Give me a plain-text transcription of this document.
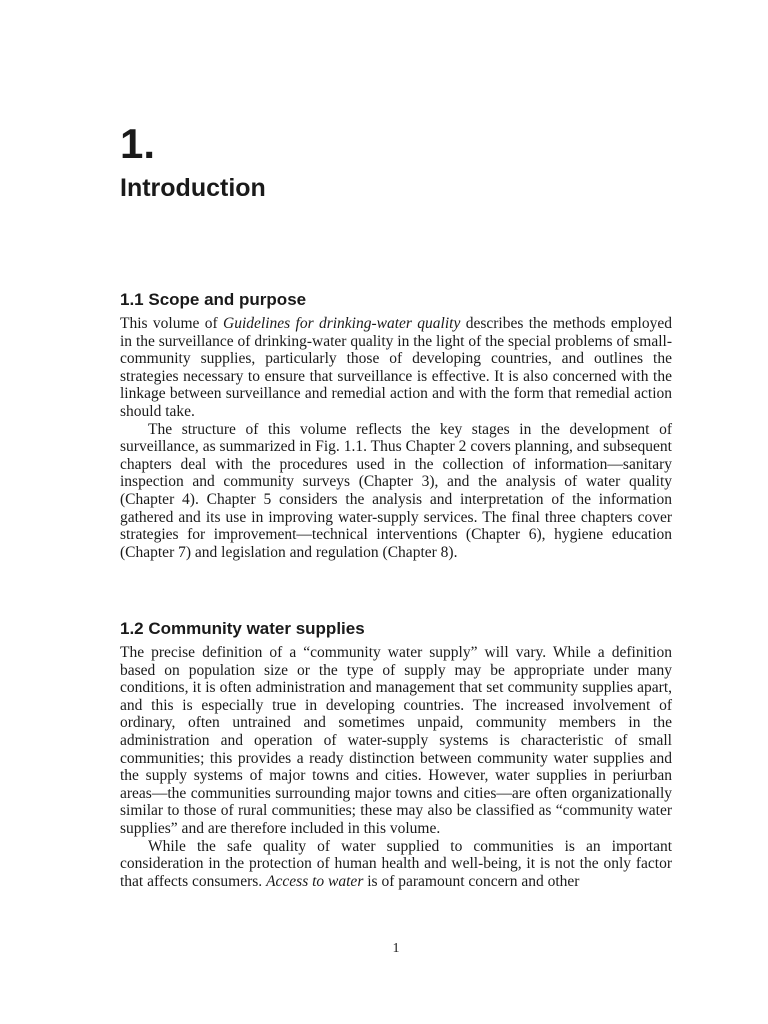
1.
Introduction
1.1 Scope and purpose

This volume of Guidelines for drinking-water quality describes the methods employed in the surveillance of drinking-water quality in the light of the special problems of small-community supplies, particularly those of developing countries, and outlines the strategies necessary to ensure that surveillance is effective. It is also concerned with the linkage between surveillance and remedial action and with the form that remedial action should take.

The structure of this volume reflects the key stages in the development of surveillance, as summarized in Fig. 1.1. Thus Chapter 2 covers planning, and subsequent chapters deal with the procedures used in the collection of information—sanitary inspection and community surveys (Chapter 3), and the analysis of water quality (Chapter 4). Chapter 5 considers the analysis and interpretation of the information gathered and its use in improving water-supply services. The final three chapters cover strategies for improvement—technical interventions (Chapter 6), hygiene education (Chapter 7) and legislation and regulation (Chapter 8).

1.2 Community water supplies

The precise definition of a “community water supply” will vary. While a definition based on population size or the type of supply may be appropriate under many conditions, it is often administration and management that set community supplies apart, and this is especially true in developing countries. The increased involvement of ordinary, often untrained and sometimes unpaid, community members in the administration and operation of water-supply systems is characteristic of small communities; this provides a ready distinction between community water supplies and the supply systems of major towns and cities. However, water supplies in periurban areas—the communities surrounding major towns and cities—are often organizationally similar to those of rural communities; these may also be classified as “community water supplies” and are therefore included in this volume.

While the safe quality of water supplied to communities is an important consideration in the protection of human health and well-being, it is not the only factor that affects consumers. Access to water is of paramount concern and other

1
